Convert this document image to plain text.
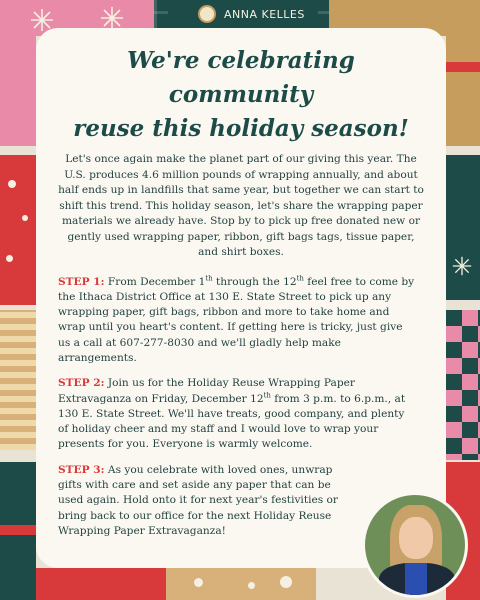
ANNA KELLES
We're celebrating community
reuse this holiday season!

Let's once again make the planet part of our giving this year. The U.S. produces 4.6 million pounds of wrapping annually, and about half ends up in landfills that same year, but together we can start to shift this trend. This holiday season, let's share the wrapping paper materials we already have. Stop by to pick up free donated new or gently used wrapping paper, ribbon, gift bags tags, tissue paper, and shirt boxes.

STEP 1: From December 1th through the 12th feel free to come by the Ithaca District Office at 130 E. State Street to pick up any wrapping paper, gift bags, ribbon and more to take home and wrap until you heart's content. If getting here is tricky, just give us a call at 607-277-8030 and we'll gladly help make arrangements.

STEP 2: Join us for the Holiday Reuse Wrapping Paper Extravaganza on Friday, December 12th from 3 p.m. to 6.p.m., at 130 E. State Street. We'll have treats, good company, and plenty of holiday cheer and my staff and I would love to wrap your presents for you. Everyone is warmly welcome.

STEP 3: As you celebrate with loved ones, unwrap gifts with care and set aside any paper that can be used again. Hold onto it for next year's festivities or bring back to our office for the next Holiday Reuse Wrapping Paper Extravaganza!
